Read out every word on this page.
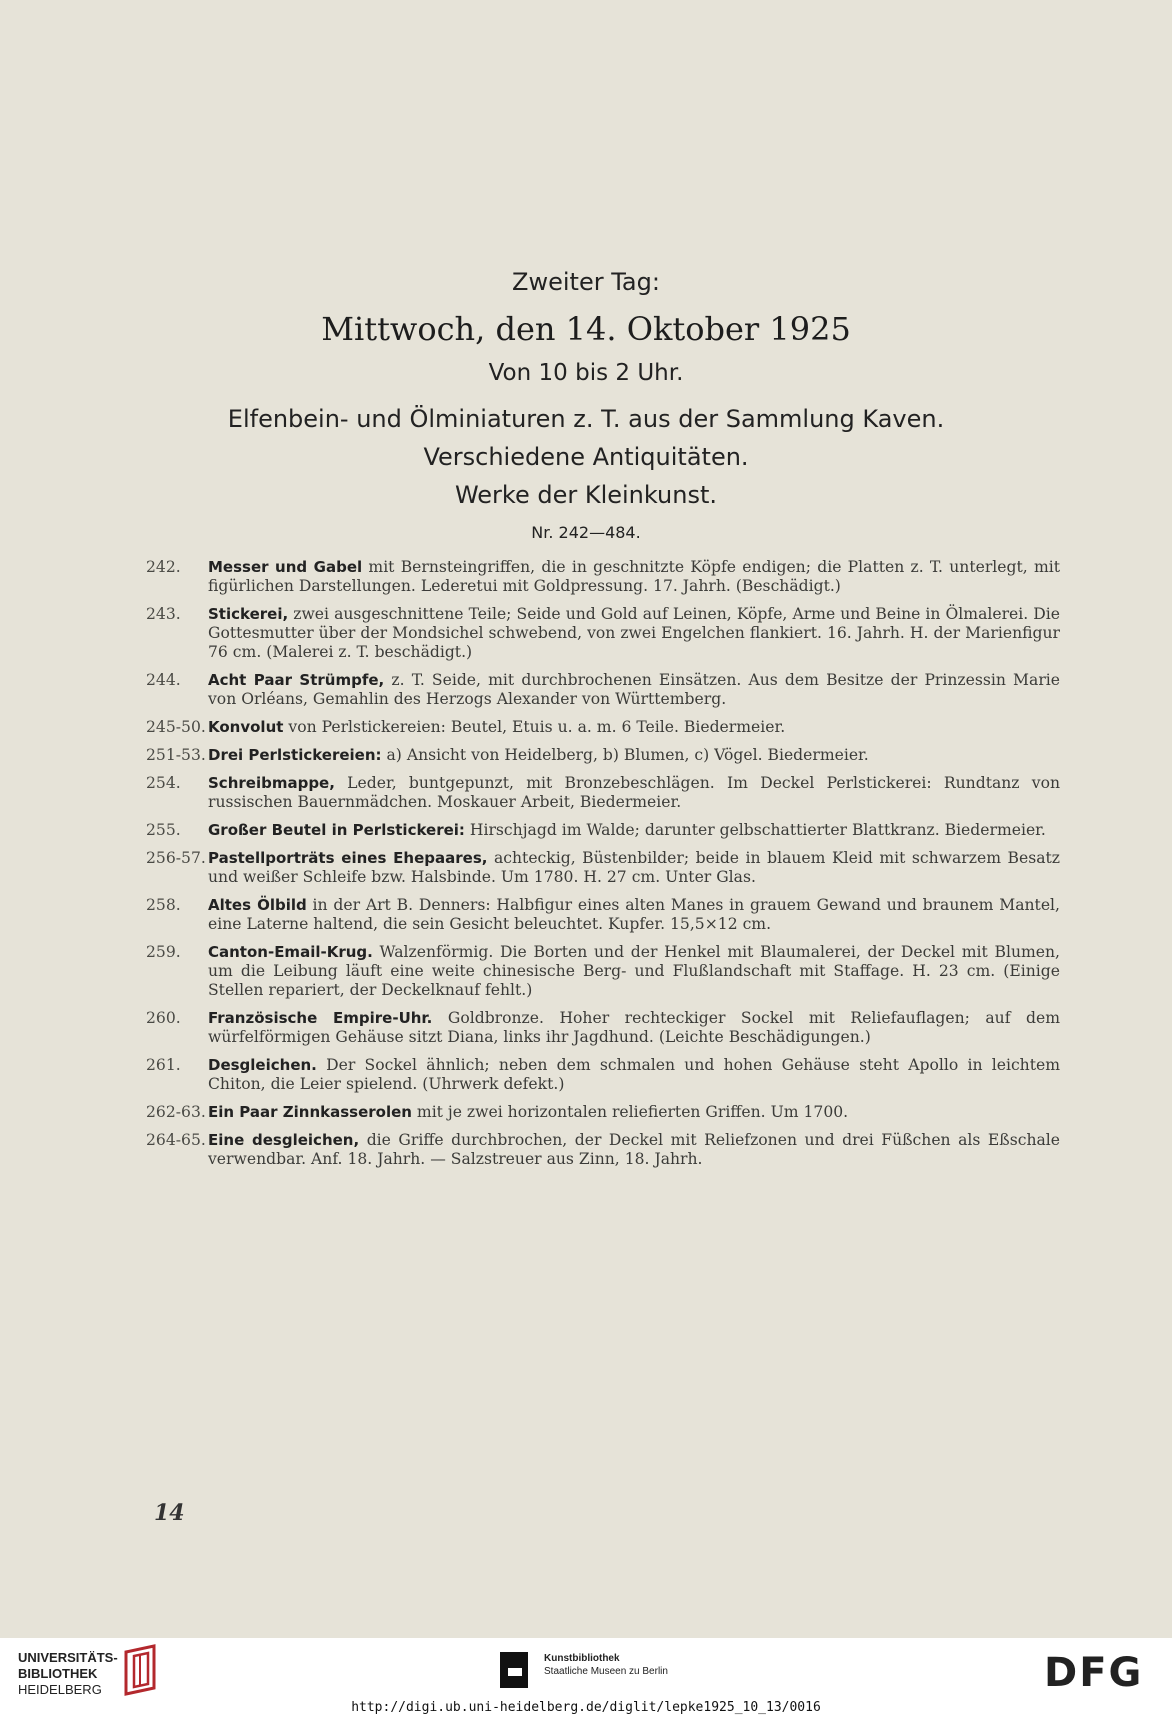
Zweiter Tag:
Mittwoch, den 14. Oktober 1925
Von 10 bis 2 Uhr.
Elfenbein- und Ölminiaturen z. T. aus der Sammlung Kaven.
Verschiedene Antiquitäten.
Werke der Kleinkunst.
Nr. 242—484.
242.	Messer und Gabel mit Bernsteingriffen, die in geschnitzte Köpfe endigen; die Platten z. T. unterlegt, mit figürlichen Darstellungen. Lederetui mit Goldpressung. 17. Jahrh. (Beschädigt.)
243.	Stickerei, zwei ausgeschnittene Teile; Seide und Gold auf Leinen, Köpfe, Arme und Beine in Ölmalerei. Die Gottesmutter über der Mondsichel schwebend, von zwei Engelchen flankiert. 16. Jahrh. H. der Marienfigur 76 cm. (Malerei z. T. beschädigt.)
244.	Acht Paar Strümpfe, z. T. Seide, mit durchbrochenen Einsätzen. Aus dem Besitze der Prinzessin Marie von Orléans, Gemahlin des Herzogs Alexander von Württemberg.
245-50. Konvolut von Perlstickereien: Beutel, Etuis u. a. m. 6 Teile. Biedermeier.
251-53. Drei Perlstickereien: a) Ansicht von Heidelberg, b) Blumen, c) Vögel. Biedermeier.
254.	Schreibmappe, Leder, buntgepunzt, mit Bronzebeschlägen. Im Deckel Perlstickerei: Rundtanz von russischen Bauernmädchen. Moskauer Arbeit, Biedermeier.
255.	Großer Beutel in Perlstickerei: Hirschjagd im Walde; darunter gelbschattierter Blattkranz. Biedermeier.
256-57. Pastellporträts eines Ehepaares, achteckig, Büstenbilder; beide in blauem Kleid mit schwarzem Besatz und weißer Schleife bzw. Halsbinde. Um 1780. H. 27 cm. Unter Glas.
258.	Altes Ölbild in der Art B. Denners: Halbfigur eines alten Manes in grauem Gewand und braunem Mantel, eine Laterne haltend, die sein Gesicht beleuchtet. Kupfer. 15,5×12 cm.
259.	Canton-Email-Krug. Walzenförmig. Die Borten und der Henkel mit Blaumalerei, der Deckel mit Blumen, um die Leibung läuft eine weite chinesische Berg- und Flußlandschaft mit Staffage. H. 23 cm. (Einige Stellen repariert, der Deckelknauf fehlt.)
260.	Französische Empire-Uhr. Goldbronze. Hoher rechteckiger Sockel mit Reliefauflagen; auf dem würfelförmigen Gehäuse sitzt Diana, links ihr Jagdhund. (Leichte Beschädigungen.)
261.	Desgleichen. Der Sockel ähnlich; neben dem schmalen und hohen Gehäuse steht Apollo in leichtem Chiton, die Leier spielend. (Uhrwerk defekt.)
262-63. Ein Paar Zinnkasserolen mit je zwei horizontalen reliefierten Griffen. Um 1700.
264-65. Eine desgleichen, die Griffe durchbrochen, der Deckel mit Reliefzonen und drei Füßchen als Eßschale verwendbar. Anf. 18. Jahrh. — Salzstreuer aus Zinn, 18. Jahrh.
14
UNIVERSITÄTS-
BIBLIOTHEK
HEIDELBERG
Kunstbibliothek
Staatliche Museen zu Berlin	DFG
http://digi.ub.uni-heidelberg.de/diglit/lepke1925_10_13/0016
